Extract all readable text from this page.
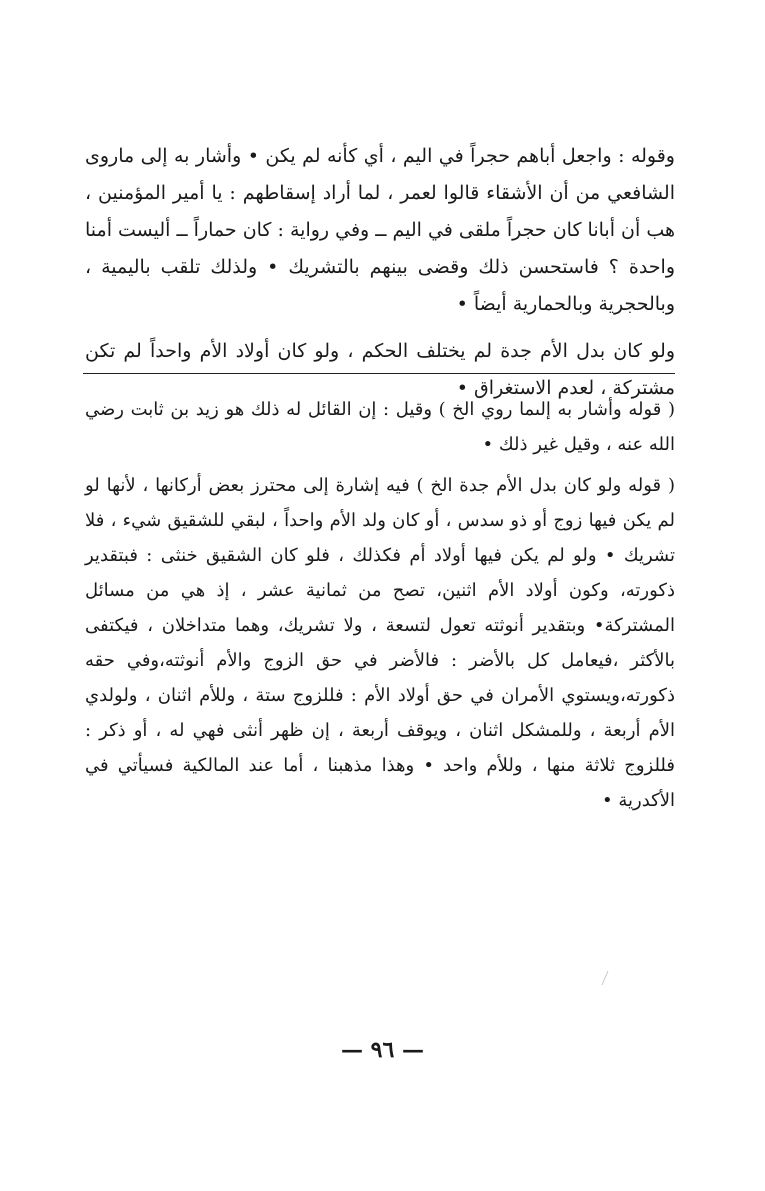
وقوله : واجعل أباهم حجراً في اليم ، أي كأنه لم يكن • وأشار به إلى ماروى الشافعي من أن الأشقاء قالوا لعمر ، لما أراد إسقاطهم : يا أمير المؤمنين ، هب أن أبانا كان حجراً ملقى في اليم ــ وفي رواية : كان حماراً ــ أليست أمنا واحدة ؟ فاستحسن ذلك وقضى بينهم بالتشريك • ولذلك تلقب باليمية ، وبالحجرية وبالحمارية أيضاً •

ولو كان بدل الأم جدة لم يختلف الحكم ، ولو كان أولاد الأم واحداً لم تكن مشتركة ، لعدم الاستغراق •

( قوله وأشار به إلىما روي الخ ) وقيل : إن القائل له ذلك هو زيد بن ثابت رضي الله عنه ، وقيل غير ذلك •

( قوله ولو كان بدل الأم جدة الخ ) فيه إشارة إلى محترز بعض أركانها ، لأنها لو لم يكن فيها زوج أو ذو سدس ، أو كان ولد الأم واحداً ، لبقي للشقيق شيء ، فلا تشريك • ولو لم يكن فيها أولاد أم فكذلك ، فلو كان الشقيق خنثى : فبتقدير ذكورته، وكون أولاد الأم اثنين، تصح من ثمانية عشر ، إذ هي من مسائل المشتركة• وبتقدير أنوثته تعول لتسعة ، ولا تشريك، وهما متداخلان ، فيكتفى بالأكثر ،فيعامل كل بالأضر : فالأضر في حق الزوج والأم أنوثته،وفي حقه ذكورته،ويستوي الأمران في حق أولاد الأم : فللزوج ستة ، وللأم اثنان ، ولولدي الأم أربعة ، وللمشكل اثنان ، ويوقف أربعة ، إن ظهر أنثى فهي له ، أو ذكر : فللزوج ثلاثة منها ، وللأم واحد • وهذا مذهبنا ، أما عند المالكية فسيأتي في الأكدرية •

— ٩٦ —
